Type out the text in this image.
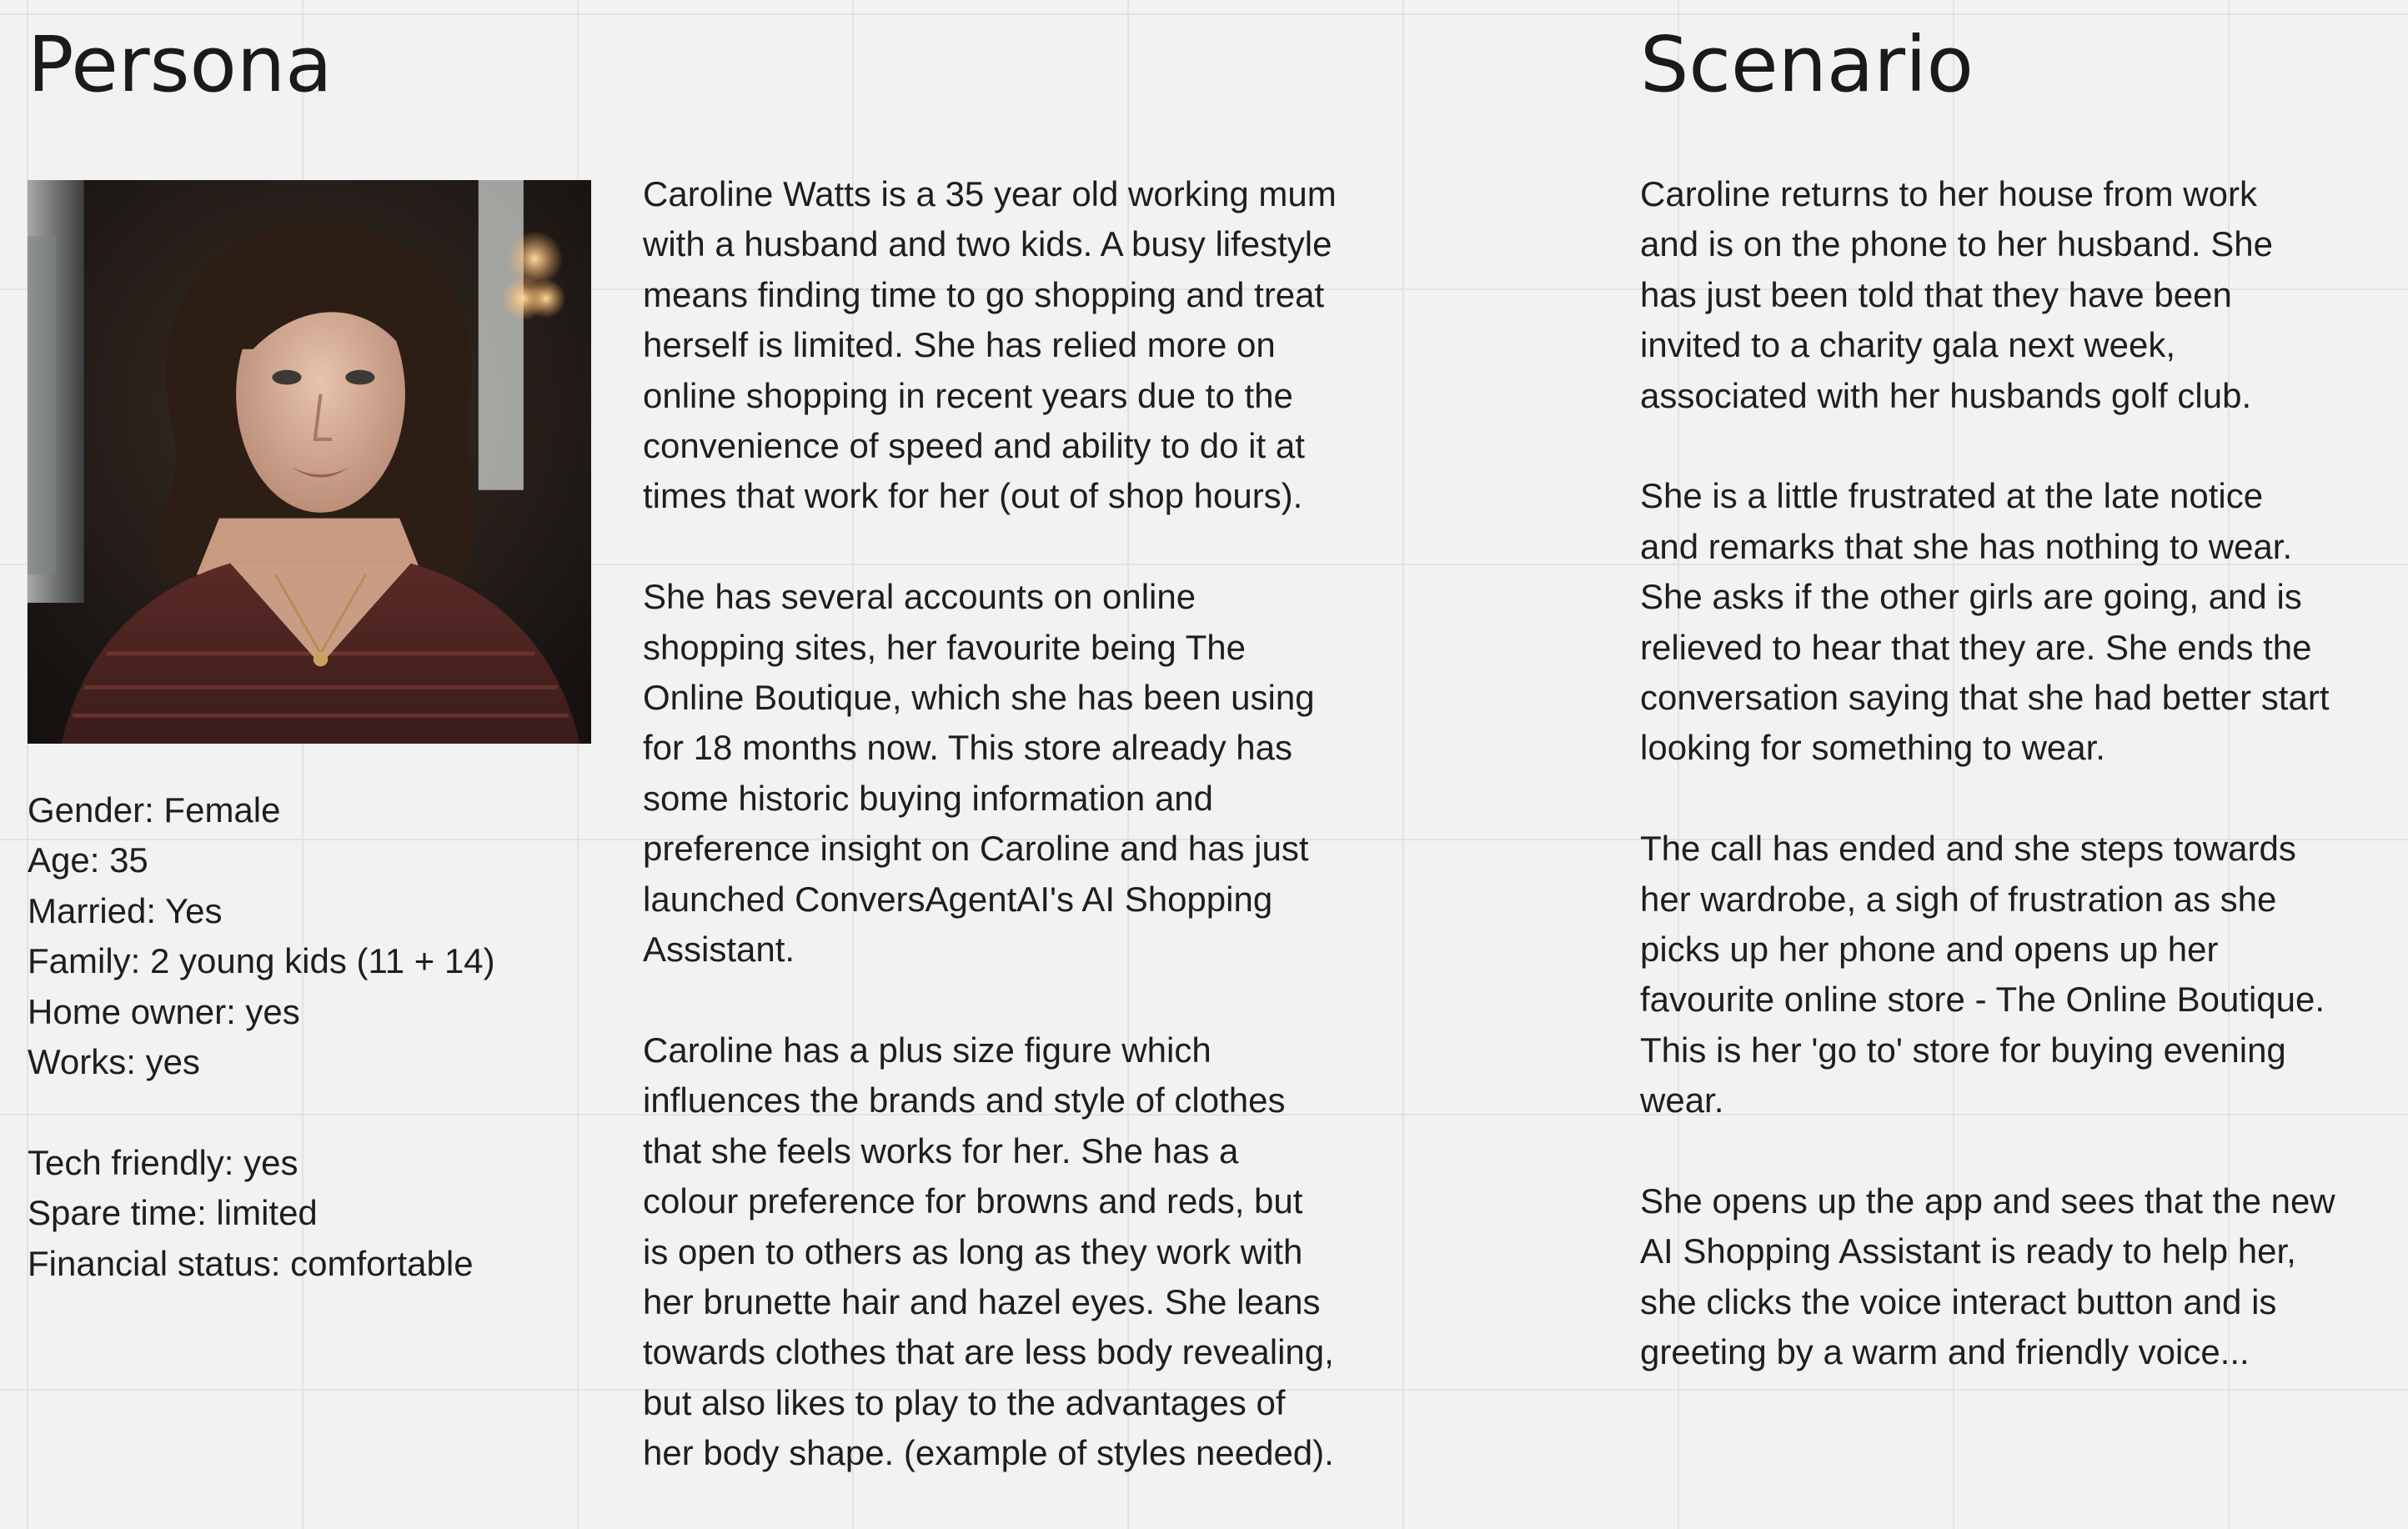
Persona	Scenario
Gender: Female
Age: 35
Married: Yes
Family: 2 young kids (11 + 14)
Home owner: yes
Works: yes
Tech friendly: yes
Spare time: limited
Financial status: comfortable

Caroline Watts is a 35 year old working mum
with a husband and two kids. A busy lifestyle
means finding time to go shopping and treat
herself is limited. She has relied more on
online shopping in recent years due to the
convenience of speed and ability to do it at
times that work for her (out of shop hours).

She has several accounts on online
shopping sites, her favourite being The
Online Boutique, which she has been using
for 18 months now. This store already has
some historic buying information and
preference insight on Caroline and has just
launched ConversAgentAI's AI Shopping
Assistant.

Caroline has a plus size figure which
influences the brands and style of clothes
that she feels works for her. She has a
colour preference for browns and reds, but
is open to others as long as they work with
her brunette hair and hazel eyes. She leans
towards clothes that are less body revealing,
but also likes to play to the advantages of
her body shape. (example of styles needed).

Caroline returns to her house from work
and is on the phone to her husband. She
has just been told that they have been
invited to a charity gala next week,
associated with her husbands golf club.

She is a little frustrated at the late notice
and remarks that she has nothing to wear.
She asks if the other girls are going, and is
relieved to hear that they are. She ends the
conversation saying that she had better start
looking for something to wear.

The call has ended and she steps towards
her wardrobe, a sigh of frustration as she
picks up her phone and opens up her
favourite online store - The Online Boutique.
This is her 'go to' store for buying evening
wear.

She opens up the app and sees that the new
AI Shopping Assistant is ready to help her,
she clicks the voice interact button and is
greeting by a warm and friendly voice...
